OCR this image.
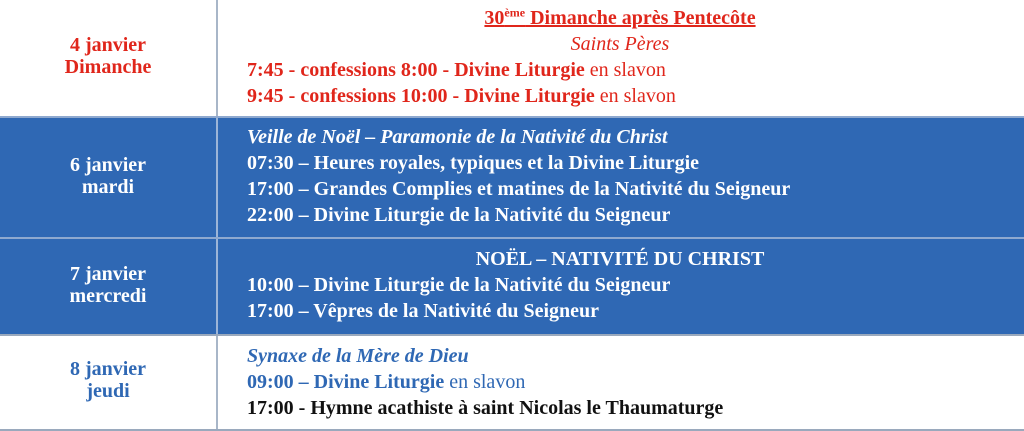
4 janvier
Dimanche
30ème Dimanche après Pentecôte
Saints Pères
7:45 - confessions 8:00 - Divine Liturgie en slavon
9:45 - confessions 10:00 - Divine Liturgie en slavon
6 janvier
mardi
Veille de Noël – Paramonie de la Nativité du Christ
07:30 – Heures royales, typiques et la Divine Liturgie
17:00 – Grandes Complies et matines de la Nativité du Seigneur
22:00 – Divine Liturgie de la Nativité du Seigneur
7 janvier
mercredi
NOËL – NATIVITÉ DU CHRIST
10:00 – Divine Liturgie de la Nativité du Seigneur
17:00 – Vêpres de la Nativité du Seigneur
8 janvier
jeudi
Synaxe de la Mère de Dieu
09:00 – Divine Liturgie en slavon
17:00 - Hymne acathiste à saint Nicolas le Thaumaturge
